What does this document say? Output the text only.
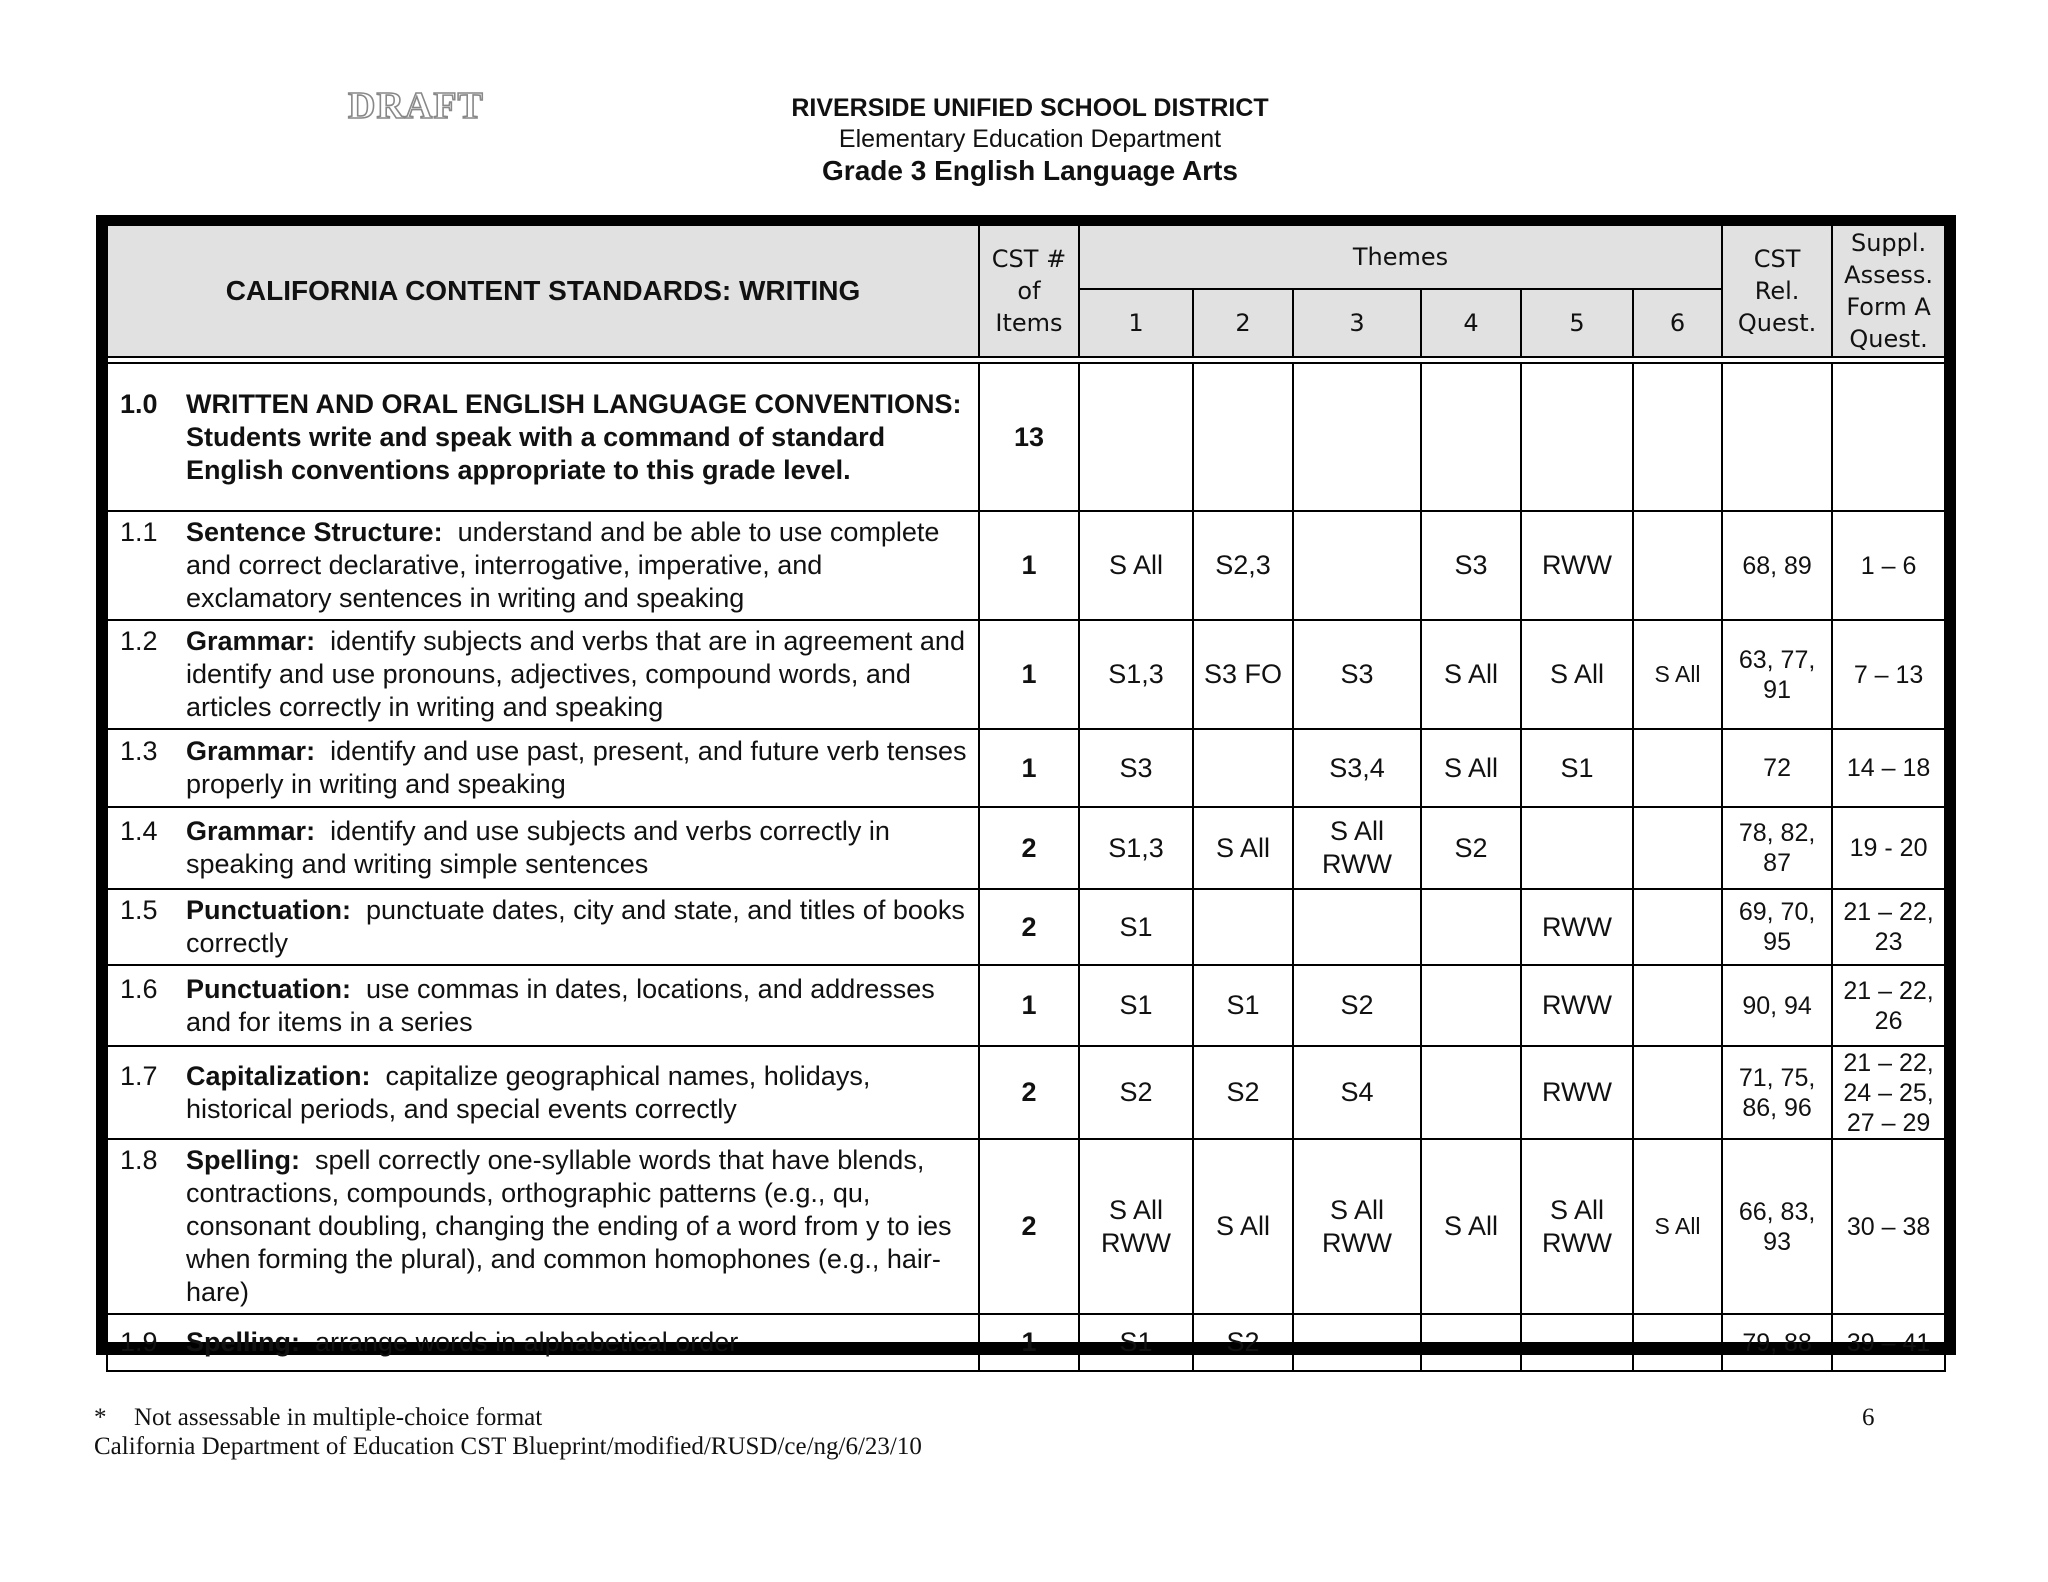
DRAFT	RIVERSIDE UNIFIED SCHOOL DISTRICT
Elementary Education Department
Grade 3 English Language Arts
CALIFORNIA CONTENT STANDARDS: WRITING	CST # of Items	Themes						CST Rel. Quest.	Suppl. Assess. Form A Quest.

		1	2	3	4	5	6		

1.0 WRITTEN AND ORAL ENGLISH LANGUAGE CONVENTIONS:  Students write and speak with a command of standard English conventions appropriate to this grade level.	13								

1.1 Sentence Structure: understand and be able to use complete and correct declarative, interrogative, imperative, and exclamatory sentences in writing and speaking	1	S All	S2,3		S3	RWW		68, 89	1 – 6

1.2 Grammar: identify subjects and verbs that are in agreement and identify and use pronouns, adjectives, compound words, and articles correctly in writing and speaking	1	S1,3	S3 FO	S3	S All	S All	S All	63, 77, 91	7 – 13

1.3 Grammar: identify and use past, present, and future verb tenses properly in writing and speaking	1	S3		S3,4	S All	S1		72	14 – 18

1.4 Grammar: identify and use subjects and verbs correctly in speaking and writing simple sentences	2	S1,3	S All	S All RWW	S2			78, 82, 87	19 - 20

1.5 Punctuation: punctuate dates, city and state, and titles of books correctly	2	S1				RWW		69, 70, 95	21 – 22, 23

1.6 Punctuation: use commas in dates, locations, and addresses and for items in a series	1	S1	S1	S2		RWW		90, 94	21 – 22, 26

1.7 Capitalization: capitalize geographical names, holidays, historical periods, and special events correctly	2	S2	S2	S4		RWW		71, 75, 86, 96	21 – 22, 24 – 25, 27 – 29

1.8 Spelling: spell correctly one-syllable words that have blends, contractions, compounds, orthographic patterns (e.g., qu, consonant doubling, changing the ending of a word from y to ies when forming the plural), and common homophones (e.g., hair-hare)	2	S All RWW	S All	S All RWW	S All	S All RWW	S All	66, 83, 93	30 – 38

1.9 Spelling: arrange words in alphabetical order	1	S1	S2					79, 88	39 – 41
* Not assessable in multiple-choice format
California Department of Education CST Blueprint/modified/RUSD/ce/ng/6/23/10
6
